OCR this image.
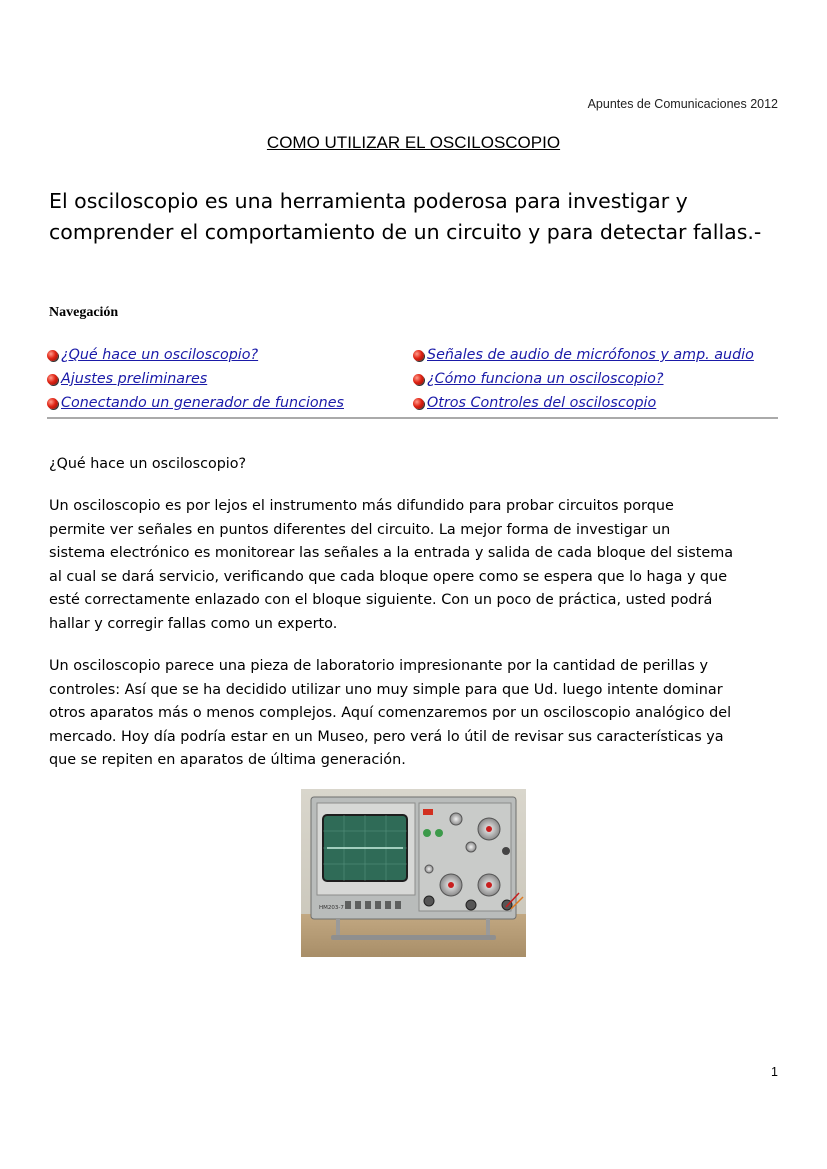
Apuntes de Comunicaciones 2012
COMO UTILIZAR EL OSCILOSCOPIO
El osciloscopio es una herramienta poderosa para investigar y
comprender el comportamiento de un circuito y para detectar fallas.-
Navegación
¿Qué hace un osciloscopio?	Señales de audio de micrófonos y amp. audio
Ajustes preliminares	¿Cómo funciona un osciloscopio?
Conectando un generador de funciones	Otros Controles del osciloscopio
¿Qué hace un osciloscopio?
Un osciloscopio es por lejos el instrumento más difundido para probar circuitos porque
permite ver señales en puntos diferentes del circuito. La mejor forma de investigar un
sistema electrónico es monitorear las señales a la entrada y salida de cada bloque del sistema
al cual se dará servicio, verificando que cada bloque opere como se espera que lo haga y que
esté correctamente enlazado con el bloque siguiente. Con un poco de práctica, usted podrá
hallar y corregir fallas como un experto.
Un osciloscopio parece una pieza de laboratorio impresionante por la cantidad de perillas y
controles: Así que se ha decidido utilizar uno muy simple para que Ud. luego intente dominar
otros aparatos más o menos complejos. Aquí comenzaremos por un osciloscopio analógico del
mercado. Hoy día podría estar en un Museo, pero verá lo útil de revisar sus características ya
que se repiten en aparatos de última generación.
HM203-7
1
